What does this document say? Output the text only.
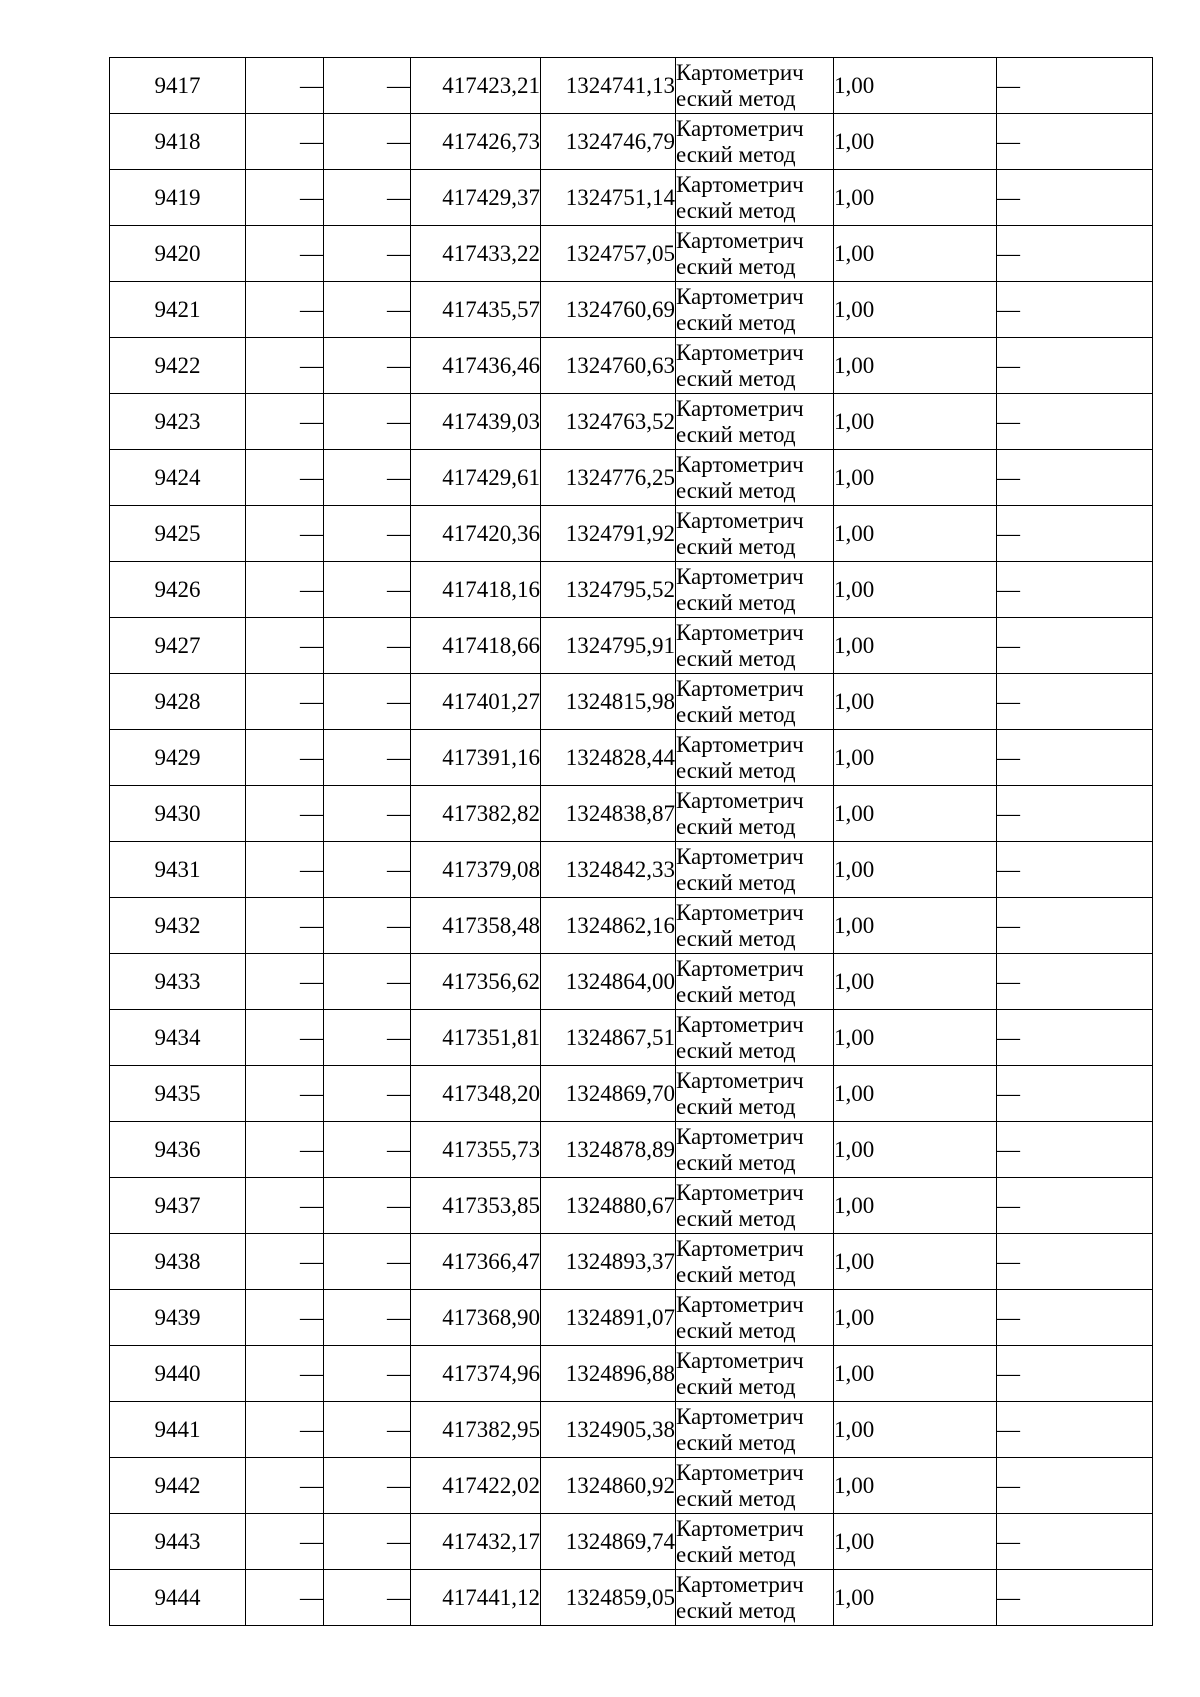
9417	—	—	417423,21	1324741,13	Картометрич
еский метод	1,00	—
9418	—	—	417426,73	1324746,79	Картометрич
еский метод	1,00	—
9419	—	—	417429,37	1324751,14	Картометрич
еский метод	1,00	—
9420	—	—	417433,22	1324757,05	Картометрич
еский метод	1,00	—
9421	—	—	417435,57	1324760,69	Картометрич
еский метод	1,00	—
9422	—	—	417436,46	1324760,63	Картометрич
еский метод	1,00	—
9423	—	—	417439,03	1324763,52	Картометрич
еский метод	1,00	—
9424	—	—	417429,61	1324776,25	Картометрич
еский метод	1,00	—
9425	—	—	417420,36	1324791,92	Картометрич
еский метод	1,00	—
9426	—	—	417418,16	1324795,52	Картометрич
еский метод	1,00	—
9427	—	—	417418,66	1324795,91	Картометрич
еский метод	1,00	—
9428	—	—	417401,27	1324815,98	Картометрич
еский метод	1,00	—
9429	—	—	417391,16	1324828,44	Картометрич
еский метод	1,00	—
9430	—	—	417382,82	1324838,87	Картометрич
еский метод	1,00	—
9431	—	—	417379,08	1324842,33	Картометрич
еский метод	1,00	—
9432	—	—	417358,48	1324862,16	Картометрич
еский метод	1,00	—
9433	—	—	417356,62	1324864,00	Картометрич
еский метод	1,00	—
9434	—	—	417351,81	1324867,51	Картометрич
еский метод	1,00	—
9435	—	—	417348,20	1324869,70	Картометрич
еский метод	1,00	—
9436	—	—	417355,73	1324878,89	Картометрич
еский метод	1,00	—
9437	—	—	417353,85	1324880,67	Картометрич
еский метод	1,00	—
9438	—	—	417366,47	1324893,37	Картометрич
еский метод	1,00	—
9439	—	—	417368,90	1324891,07	Картометрич
еский метод	1,00	—
9440	—	—	417374,96	1324896,88	Картометрич
еский метод	1,00	—
9441	—	—	417382,95	1324905,38	Картометрич
еский метод	1,00	—
9442	—	—	417422,02	1324860,92	Картометрич
еский метод	1,00	—
9443	—	—	417432,17	1324869,74	Картометрич
еский метод	1,00	—
9444	—	—	417441,12	1324859,05	Картометрич
еский метод	1,00	—
